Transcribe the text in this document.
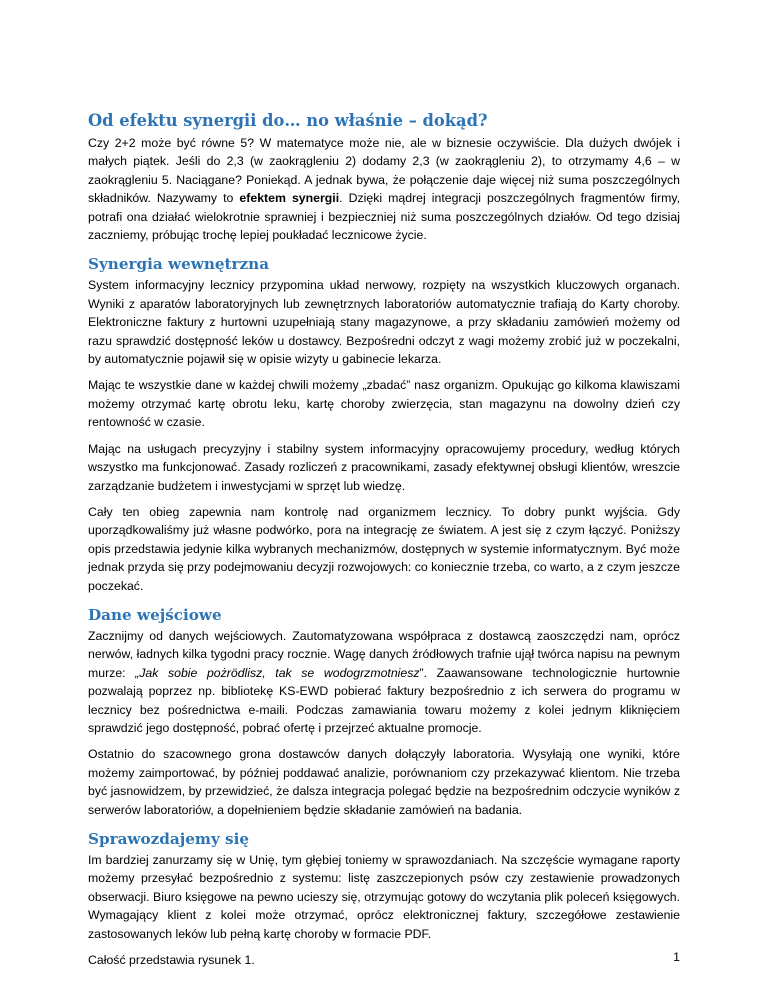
Od efektu synergii do… no właśnie – dokąd?

Czy 2+2 może być równe 5? W matematyce może nie, ale w biznesie oczywiście. Dla dużych dwójek i małych piątek. Jeśli do 2,3 (w zaokrągleniu 2) dodamy 2,3 (w zaokrągleniu 2), to otrzymamy 4,6 – w zaokrągleniu 5. Naciągane? Poniekąd. A jednak bywa, że połączenie daje więcej niż suma poszczególnych składników. Nazywamy to efektem synergii. Dzięki mądrej integracji poszczególnych fragmentów firmy, potrafi ona działać wielokrotnie sprawniej i bezpieczniej niż suma poszczególnych działów. Od tego dzisiaj zaczniemy, próbując trochę lepiej poukładać lecznicowe życie.

Synergia wewnętrzna

System informacyjny lecznicy przypomina układ nerwowy, rozpięty na wszystkich kluczowych organach. Wyniki z aparatów laboratoryjnych lub zewnętrznych laboratoriów automatycznie trafiają do Karty choroby. Elektroniczne faktury z hurtowni uzupełniają stany magazynowe, a przy składaniu zamówień możemy od razu sprawdzić dostępność leków u dostawcy. Bezpośredni odczyt z wagi możemy zrobić już w poczekalni, by automatycznie pojawił się w opisie wizyty u gabinecie lekarza.

Mając te wszystkie dane w każdej chwili możemy „zbadać” nasz organizm. Opukując go kilkoma klawiszami możemy otrzymać kartę obrotu leku, kartę choroby zwierzęcia, stan magazynu na dowolny dzień czy rentowność w czasie.

Mając na usługach precyzyjny i stabilny system informacyjny opracowujemy procedury, według których wszystko ma funkcjonować. Zasady rozliczeń z pracownikami, zasady efektywnej obsługi klientów, wreszcie zarządzanie budżetem i inwestycjami w sprzęt lub wiedzę.

Cały ten obieg zapewnia nam kontrolę nad organizmem lecznicy. To dobry punkt wyjścia. Gdy uporządkowaliśmy już własne podwórko, pora na integrację ze światem. A jest się z czym łączyć. Poniższy opis przedstawia jedynie kilka wybranych mechanizmów, dostępnych w systemie informatycznym. Być może jednak przyda się przy podejmowaniu decyzji rozwojowych: co koniecznie trzeba, co warto, a z czym jeszcze poczekać.

Dane wejściowe

Zacznijmy od danych wejściowych. Zautomatyzowana współpraca z dostawcą zaoszczędzi nam, oprócz nerwów, ładnych kilka tygodni pracy rocznie. Wagę danych źródłowych trafnie ujął twórca napisu na pewnym murze: „Jak sobie pożrödlisz, tak se wodogrzmotniesz”. Zaawansowane technologicznie hurtownie pozwalają poprzez np. bibliotekę KS-EWD pobierać faktury bezpośrednio z ich serwera do programu w lecznicy bez pośrednictwa e-maili. Podczas zamawiania towaru możemy z kolei jednym kliknięciem sprawdzić jego dostępność, pobrać ofertę i przejrzeć aktualne promocje.

Ostatnio do szacownego grona dostawców danych dołączyły laboratoria. Wysyłają one wyniki, które możemy zaimportować, by później poddawać analizie, porównaniom czy przekazywać klientom. Nie trzeba być jasnowidzem, by przewidzieć, że dalsza integracja polegać będzie na bezpośrednim odczycie wyników z serwerów laboratoriów, a dopełnieniem będzie składanie zamówień na badania.

Sprawozdajemy się

Im bardziej zanurzamy się w Unię, tym głębiej toniemy w sprawozdaniach. Na szczęście wymagane raporty możemy przesyłać bezpośrednio z systemu: listę zaszczepionych psów czy zestawienie prowadzonych obserwacji. Biuro księgowe na pewno ucieszy się, otrzymując gotowy do wczytania plik poleceń księgowych. Wymagający klient z kolei może otrzymać, oprócz elektronicznej faktury, szczegółowe zestawienie zastosowanych leków lub pełną kartę choroby w formacie PDF.

Całość przedstawia rysunek 1.	1
